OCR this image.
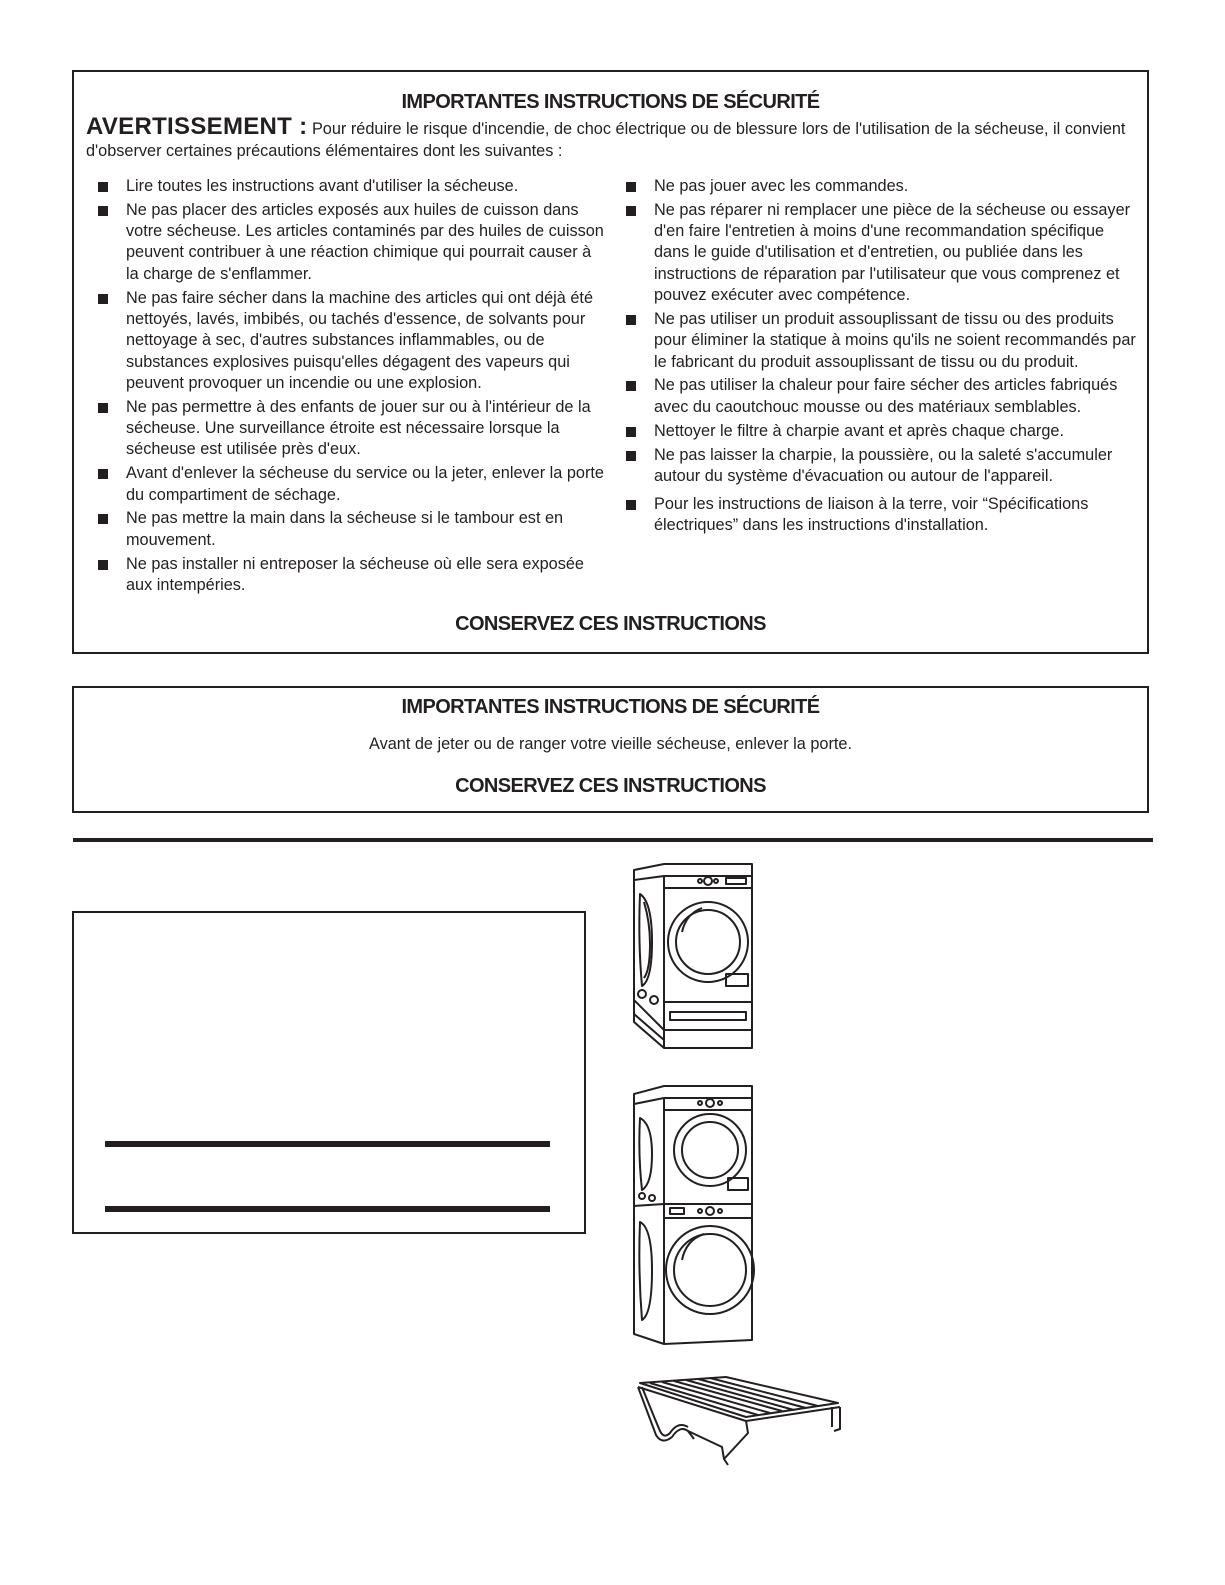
IMPORTANTES INSTRUCTIONS DE SÉCURITÉ
AVERTISSEMENT : Pour réduire le risque d'incendie, de choc électrique ou de blessure lors de l'utilisation de la sécheuse, il convient d'observer certaines précautions élémentaires dont les suivantes :
Lire toutes les instructions avant d'utiliser la sécheuse.
Ne pas placer des articles exposés aux huiles de cuisson dans votre sécheuse. Les articles contaminés par des huiles de cuisson peuvent contribuer à une réaction chimique qui pourrait causer à la charge de s'enflammer.
Ne pas faire sécher dans la machine des articles qui ont déjà été nettoyés, lavés, imbibés, ou tachés d'essence, de solvants pour nettoyage à sec, d'autres substances inflammables, ou de substances explosives puisqu'elles dégagent des vapeurs qui peuvent provoquer un incendie ou une explosion.
Ne pas permettre à des enfants de jouer sur ou à l'intérieur de la sécheuse. Une surveillance étroite est nécessaire lorsque la sécheuse est utilisée près d'eux.
Avant d'enlever la sécheuse du service ou la jeter, enlever la porte du compartiment de séchage.
Ne pas mettre la main dans la sécheuse si le tambour est en mouvement.
Ne pas installer ni entreposer la sécheuse où elle sera exposée aux intempéries.
Ne pas jouer avec les commandes.
Ne pas réparer ni remplacer une pièce de la sécheuse ou essayer d'en faire l'entretien à moins d'une recommandation spécifique dans le guide d'utilisation et d'entretien, ou publiée dans les instructions de réparation par l'utilisateur que vous comprenez et pouvez exécuter avec compétence.
Ne pas utiliser un produit assouplissant de tissu ou des produits pour éliminer la statique à moins qu'ils ne soient recommandés par le fabricant du produit assouplissant de tissu ou du produit.
Ne pas utiliser la chaleur pour faire sécher des articles fabriqués avec du caoutchouc mousse ou des matériaux semblables.
Nettoyer le filtre à charpie avant et après chaque charge.
Ne pas laisser la charpie, la poussière, ou la saleté s'accumuler autour du système d'évacuation ou autour de l'appareil.
Pour les instructions de liaison à la terre, voir “Spécifications électriques” dans les instructions d'installation.
CONSERVEZ CES INSTRUCTIONS
IMPORTANTES INSTRUCTIONS DE SÉCURITÉ
Avant de jeter ou de ranger votre vieille sécheuse, enlever la porte.
CONSERVEZ CES INSTRUCTIONS
